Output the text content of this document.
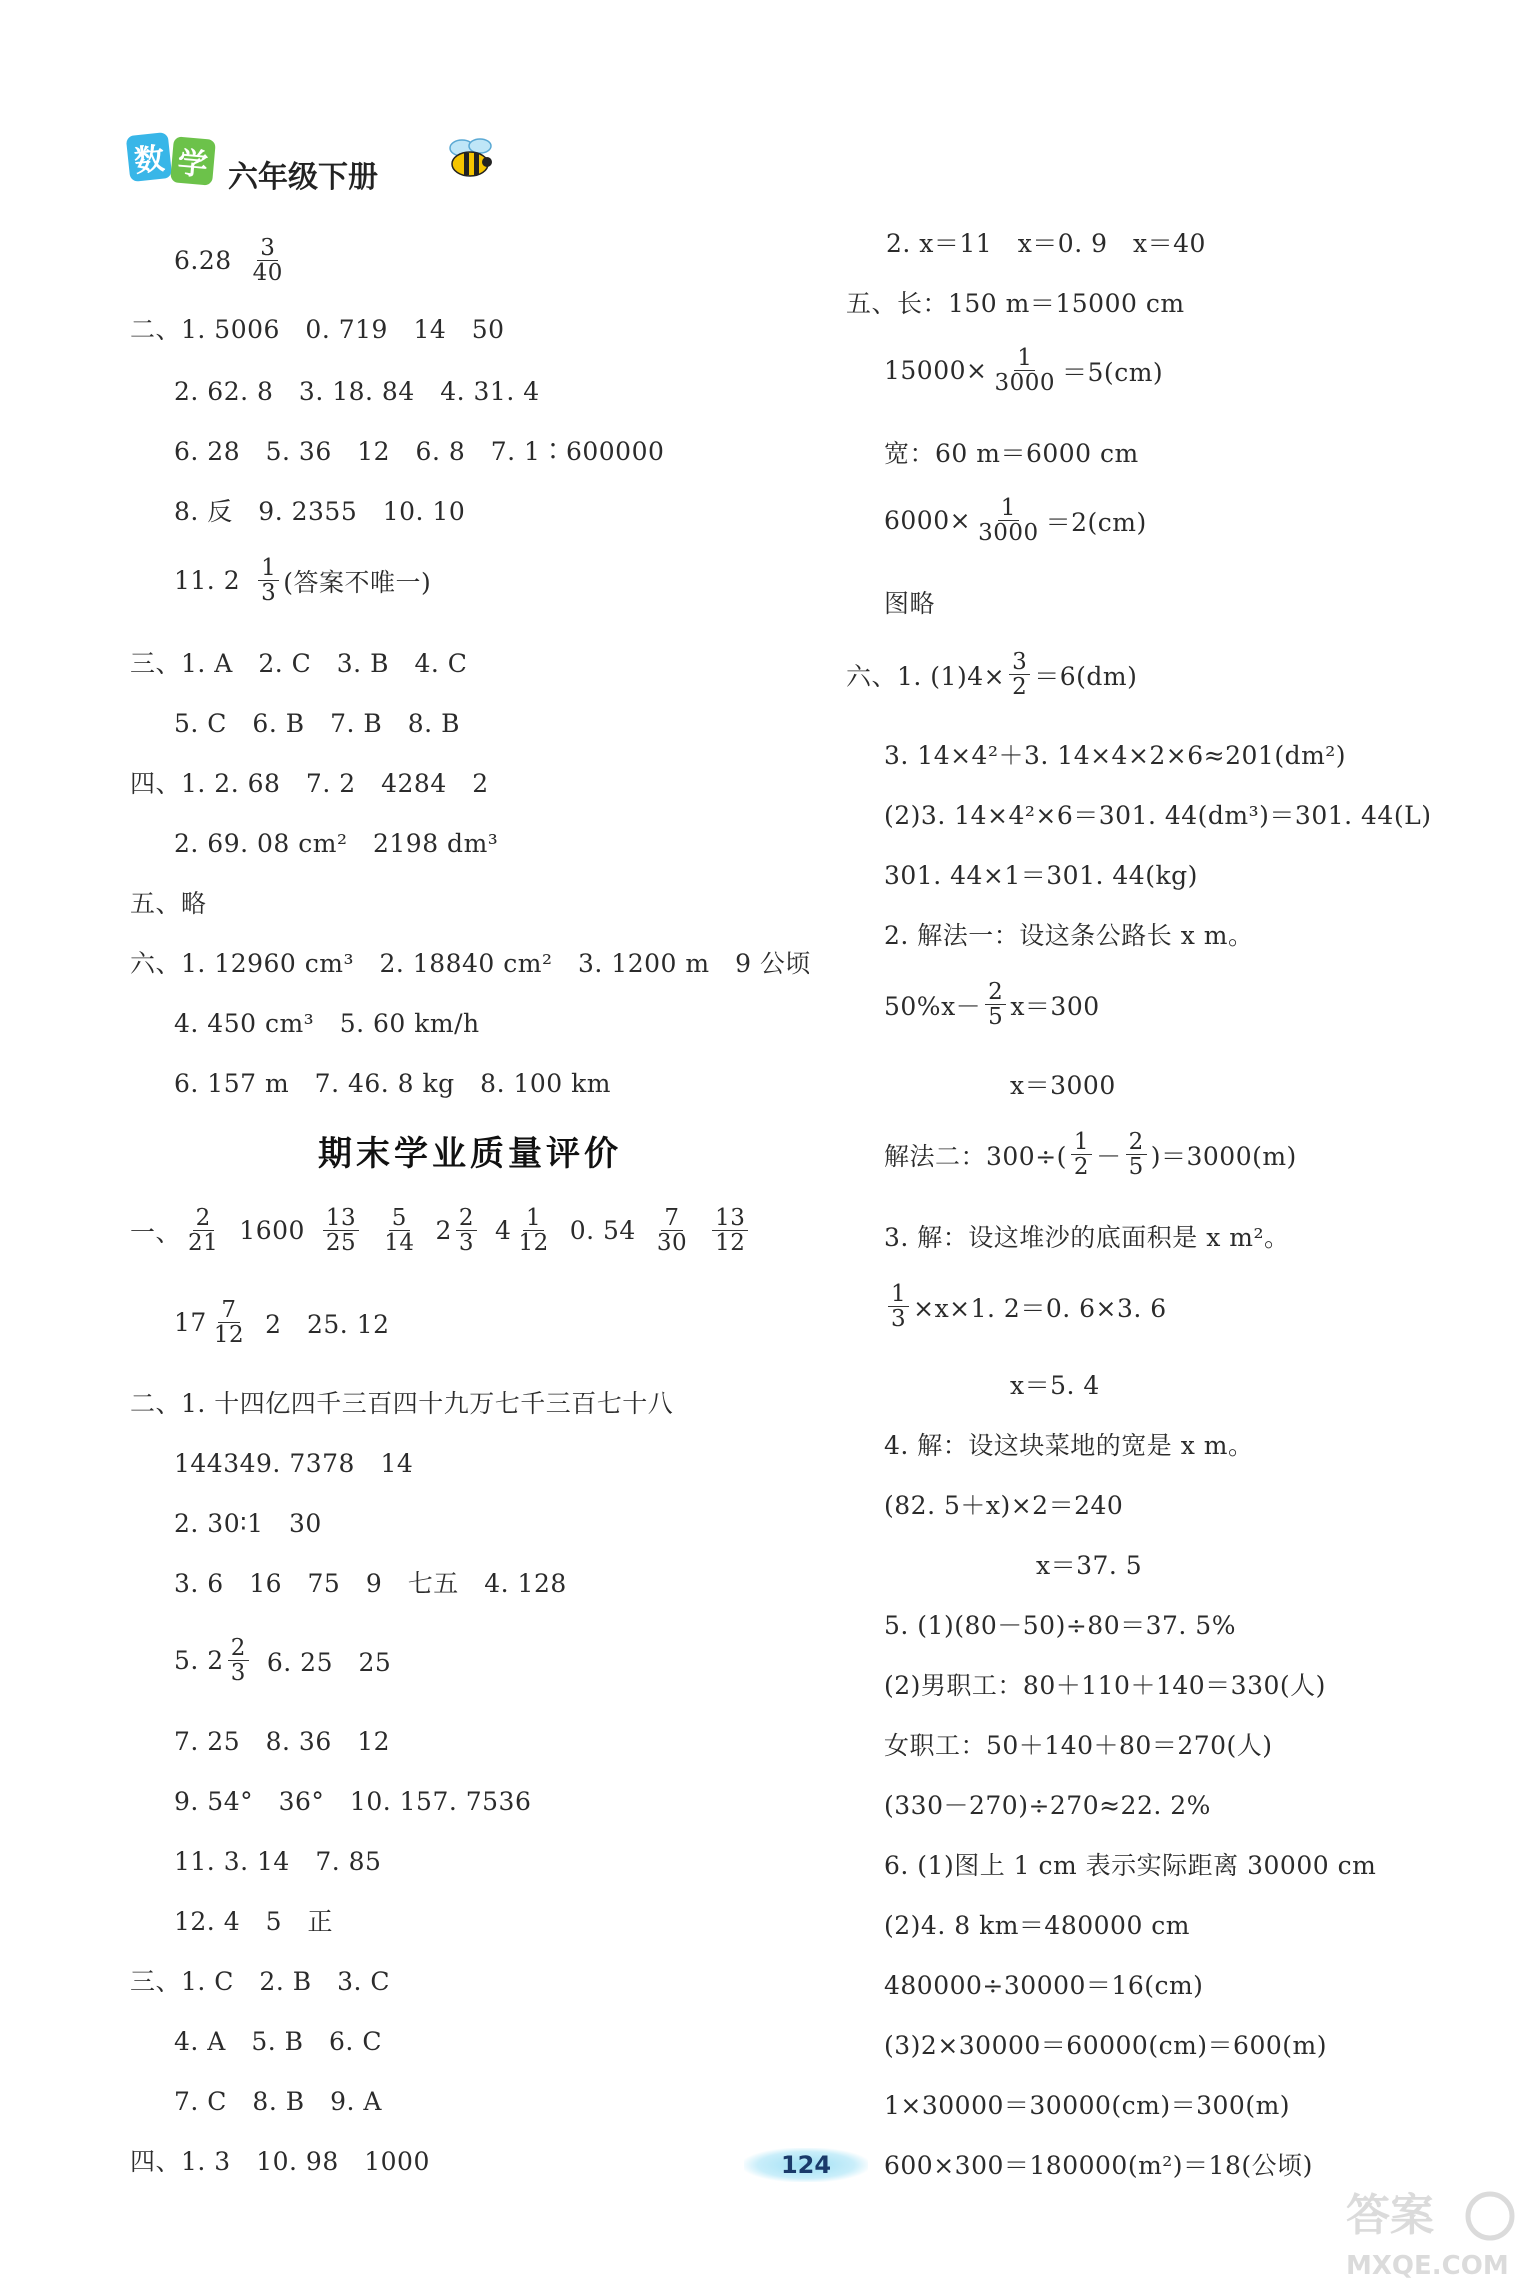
数 学 六年级下册
$6.28 \frac{3}{40}$
二、1. 5006　0. 719　14　50
2. 62. 8　3. 18. 84　4. 31. 4
6. 28　5. 36　12　6. 8　7. 1∶600000
8. 反　9. 2355　10. 10
11. $2 \frac{1}{3}$ (答案不唯一)
三、1. A　2. C　3. B　4. C
5. C　6. B　7. B　8. B
四、1. 2. 68　7. 2　4284　2
2. 69. 08 cm²　2198 dm³
五、略
六、1. 12960 cm³　2. 18840 cm²　3. 1200 m　9 公顷
4. 450 cm³　5. 60 km/h
6. 157 m　7. 46. 8 kg　8. 100 km
期末学业质量评价
一、 $\frac{2}{21} 1600 \frac{13}{25} \frac{5}{14} 2 \frac{2}{3} 4 \frac{1}{12} 0$. $54 \frac{7}{30} \frac{13}{12}$
$17 \frac{7}{12} 2$　25. 12
二、1. 十四亿四千三百四十九万七千三百七十八
144349. 7378　14
2. 30∶1　30
3. 6　16　75　9　七五　4. 128
5. $2 \frac{2}{3} 6$. 25　25
7. 25　8. 36　12
9. 54°　36°　10. 157. 7536
11. 3. 14　7. 85
12. 4　5　正
三、1. C　2. B　3. C
4. A　5. B　6. C
7. C　8. B　9. A
四、1. 3　10. 98　1000
2. x＝11　x＝0. 9　x＝40
五、长：150 m＝15000 cm
$15000\times \frac{1}{3000} =5(cm)$
宽：60 m＝6000 cm
$6000\times \frac{1}{3000} =2(cm)$
图略
六、1. $(1)4\times \frac{3}{2} =6(dm)$
3. 14×4²＋3. 14×4×2×6≈201(dm²)
(2)3. 14×4²×6＝301. 44(dm³)＝301. 44(L)
301. 44×1＝301. 44(kg)
2. 解法一：设这条公路长 x m。
$50\%x- \frac{2}{5} x=300$
x＝3000
解法二：$300\div( \frac{1}{2} - \frac{2}{5} )=3000(m)$
3. 解：设这堆沙的底面积是 x m²。
$\frac{1}{3} \times x\times 1$. 2＝0. 6×3. 6
x＝5. 4
4. 解：设这块菜地的宽是 x m。
(82. 5＋x)×2＝240
x＝37. 5
5. (1)(80－50)÷80＝37. 5%
(2)男职工：80＋110＋140＝330(人)
女职工：50＋140＋80＝270(人)
(330－270)÷270≈22. 2%
6. (1)图上 1 cm 表示实际距离 30000 cm
(2)4. 8 km＝480000 cm
480000÷30000＝16(cm)
(3)2×30000＝60000(cm)＝600(m)
1×30000＝30000(cm)＝300(m)
600×300＝180000(m²)＝18(公顷)
124
答案
MXQE.COM
